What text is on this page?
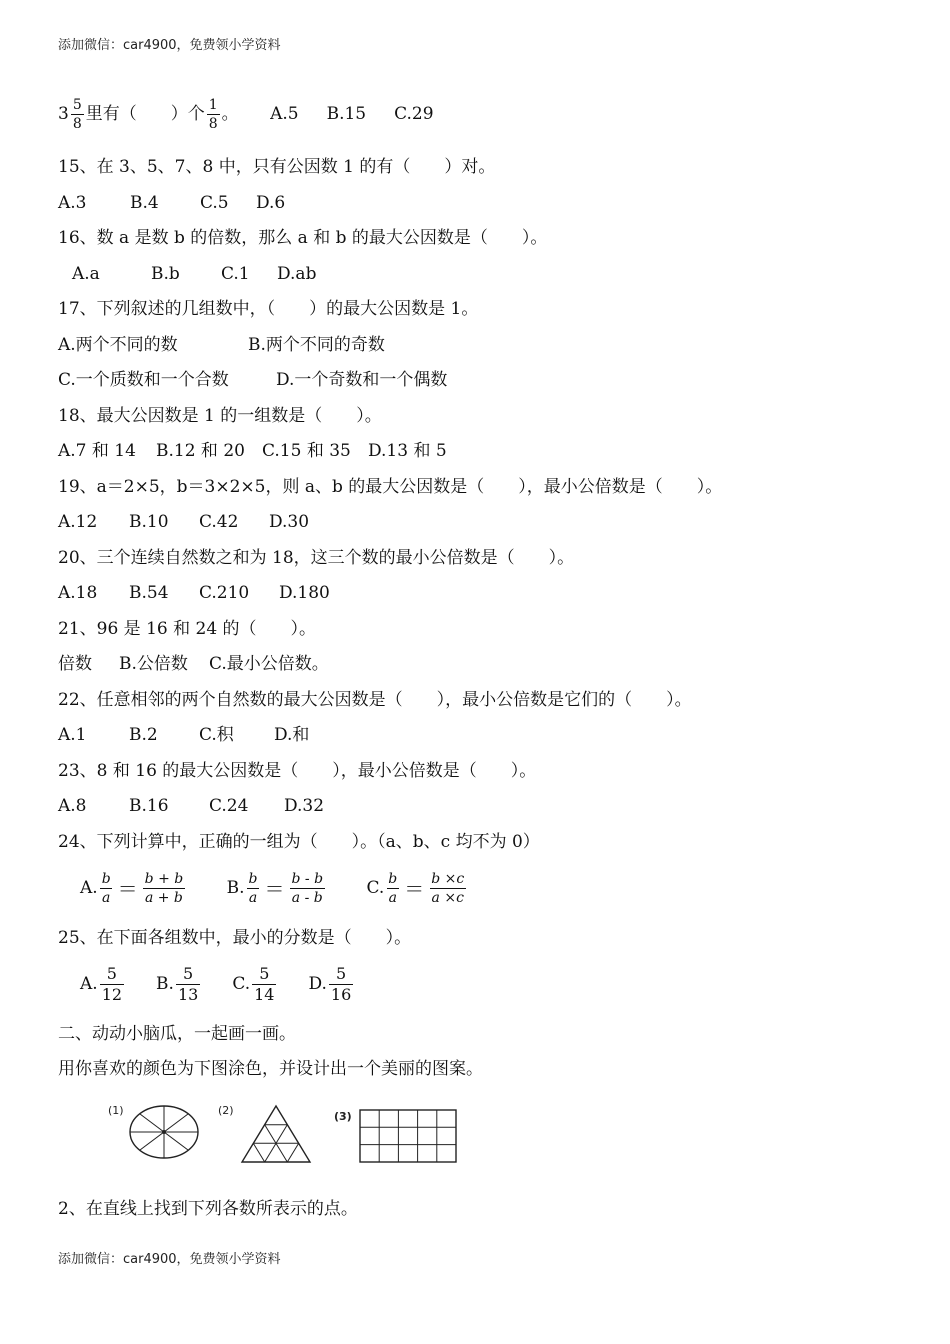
添加微信：car4900，免费领小学资料
$3 \frac{5}{8}$ 里有（　　）个 $\frac{1}{8}$ 。 A.5 B.15 C.29
15、在 3、5、7、8 中，只有公因数 1 的有（　　）对。
A.3	B.4 C.5 D.6
16、数 a 是数 b 的倍数，那么 a 和 b 的最大公因数是（　　）。
A.a	B.b C.1 D.ab
17、下列叙述的几组数中，（　　）的最大公因数是 1。
A.两个不同的数	B.两个不同的奇数
C.一个质数和一个合数	D.一个奇数和一个偶数
18、最大公因数是 1 的一组数是（　　）。
A.7 和 14 B.12 和 20 C.15 和 35 D.13 和 5
19、a＝2×5，b＝3×2×5，则 a、b 的最大公因数是（　　），最小公倍数是（　　）。
A.12 B.10 C.42 D.30
20、三个连续自然数之和为 18，这三个数的最小公倍数是（　　）。
A.18 B.54 C.210 D.180
21、96 是 16 和 24 的（　　）。
倍数 B.公倍数 C.最小公倍数。
22、任意相邻的两个自然数的最大公因数是（　　），最小公倍数是它们的（　　）。
A.1	B.2 C.积 D.和
23、8 和 16 的最大公因数是（　　），最小公倍数是（　　）。
A.8	B.16 C.24 D.32
24、下列计算中，正确的一组为（　　）。（a、b、c 均不为 0）
A. $\frac{b}{a} = \frac{b + b}{a + b} B$. $\frac{b}{a} = \frac{b - b}{a - b} C$. $\frac{b}{a} = \frac{b \times c}{a \times c}$
25、在下面各组数中，最小的分数是（　　）。
A. $\frac{5}{12} B$. $\frac{5}{13} C$. $\frac{5}{14} D$. $\frac{5}{16}$
二、动动小脑瓜，一起画一画。
用你喜欢的颜色为下图涂色，并设计出一个美丽的图案。
(1)	(2)	(3)
2、在直线上找到下列各数所表示的点。
添加微信：car4900，免费领小学资料
